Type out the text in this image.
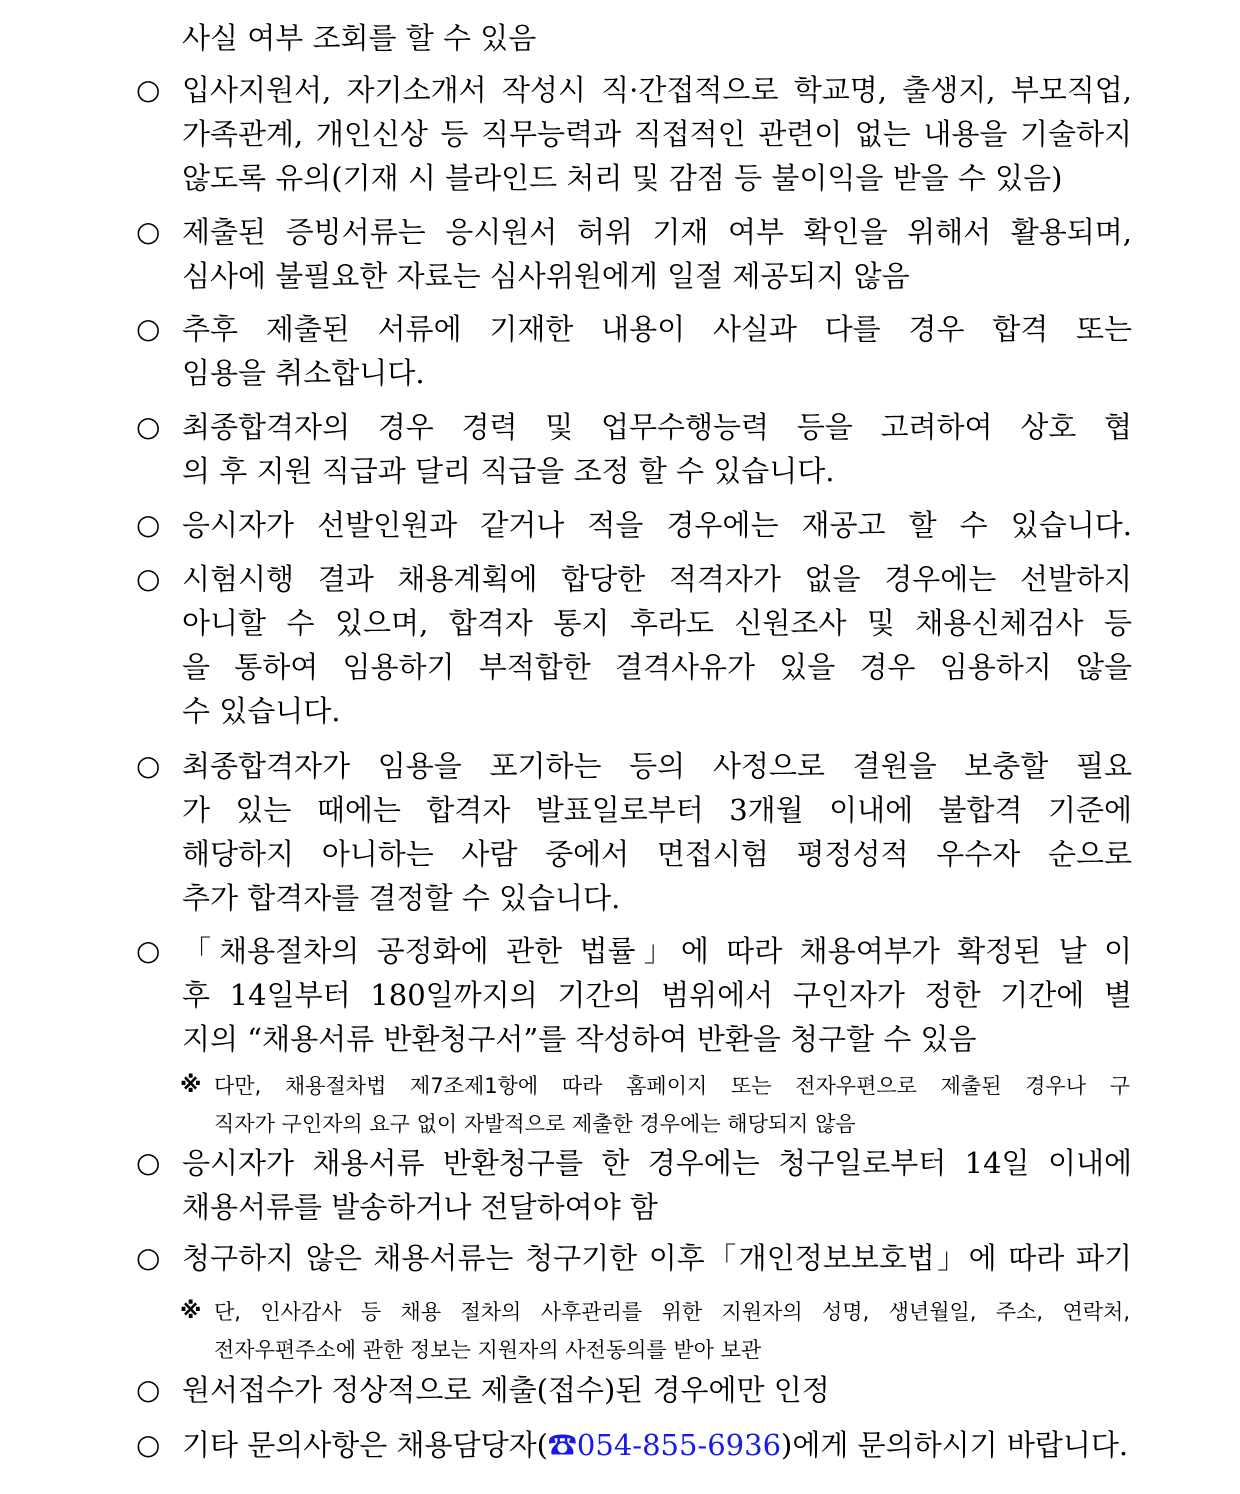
사실 여부 조회를 할 수 있음
○ 입사지원서, 자기소개서 작성시 직·간접적으로 학교명, 출생지, 부모직업,
가족관계, 개인신상 등 직무능력과 직접적인 관련이 없는 내용을 기술하지
않도록 유의(기재 시 블라인드 처리 및 감점 등 불이익을 받을 수 있음)
○ 제출된 증빙서류는 응시원서 허위 기재 여부 확인을 위해서 활용되며,
심사에 불필요한 자료는 심사위원에게 일절 제공되지 않음
○ 추후 제출된 서류에 기재한 내용이 사실과 다를 경우 합격 또는
임용을 취소합니다.
○ 최종합격자의 경우 경력 및 업무수행능력 등을 고려하여 상호 협
의 후 지원 직급과 달리 직급을 조정 할 수 있습니다.
○ 응시자가 선발인원과 같거나 적을 경우에는 재공고 할 수 있습니다.
○ 시험시행 결과 채용계획에 합당한 적격자가 없을 경우에는 선발하지
아니할 수 있으며, 합격자 통지 후라도 신원조사 및 채용신체검사 등
을 통하여 임용하기 부적합한 결격사유가 있을 경우 임용하지 않을
수 있습니다.
○ 최종합격자가 임용을 포기하는 등의 사정으로 결원을 보충할 필요
가 있는 때에는 합격자 발표일로부터 3개월 이내에 불합격 기준에
해당하지 아니하는 사람 중에서 면접시험 평정성적 우수자 순으로
추가 합격자를 결정할 수 있습니다.
○ 「채용절차의 공정화에 관한 법률」에 따라 채용여부가 확정된 날 이
후 14일부터 180일까지의 기간의 범위에서 구인자가 정한 기간에 별
지의 “채용서류 반환청구서”를 작성하여 반환을 청구할 수 있음
※ 다만, 채용절차법 제7조제1항에 따라 홈페이지 또는 전자우편으로 제출된 경우나 구
직자가 구인자의 요구 없이 자발적으로 제출한 경우에는 해당되지 않음
○ 응시자가 채용서류 반환청구를 한 경우에는 청구일로부터 14일 이내에
채용서류를 발송하거나 전달하여야 함
○ 청구하지 않은 채용서류는 청구기한 이후「개인정보보호법」에 따라 파기
※ 단, 인사감사 등 채용 절차의 사후관리를 위한 지원자의 성명, 생년월일, 주소, 연락처,
전자우편주소에 관한 정보는 지원자의 사전동의를 받아 보관
○ 원서접수가 정상적으로 제출(접수)된 경우에만 인정
○ 기타 문의사항은 채용담당자(☎054-855-6936)에게 문의하시기 바랍니다.
